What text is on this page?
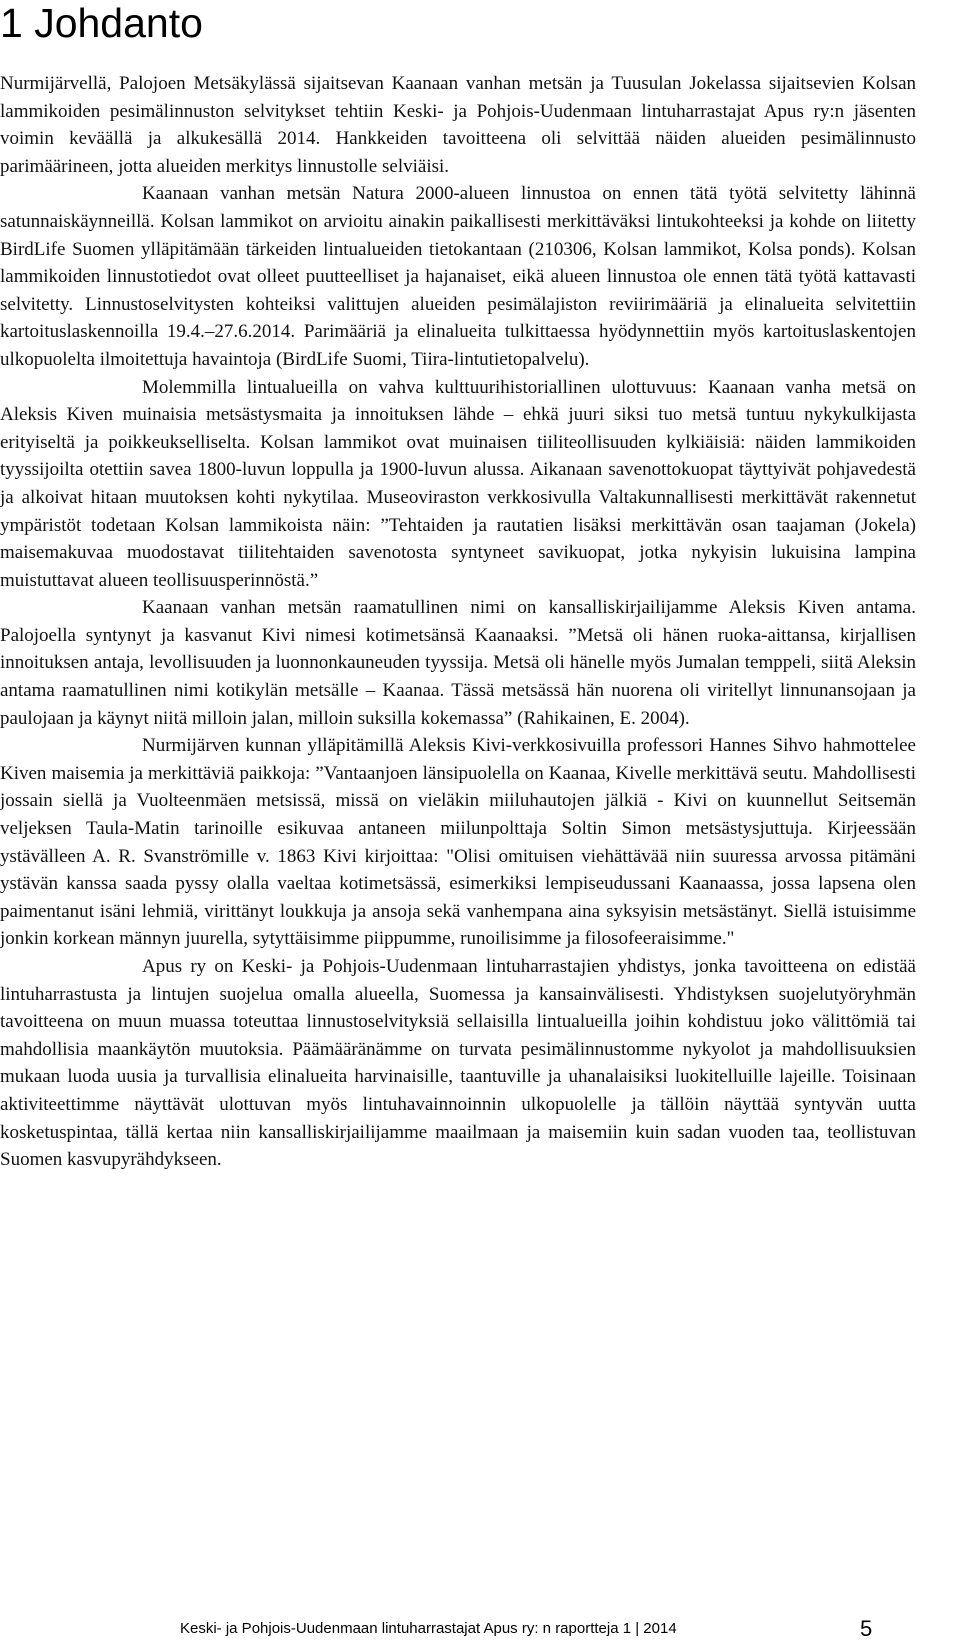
1 Johdanto

Nurmijärvellä, Palojoen Metsäkylässä sijaitsevan Kaanaan vanhan metsän ja Tuusulan Jokelassa sijaitsevien Kolsan lammikoiden pesimälinnuston selvitykset tehtiin Keski- ja Pohjois-Uudenmaan lintuharrastajat Apus ry:n jäsenten voimin keväällä ja alkukesällä 2014. Hankkeiden tavoitteena oli selvittää näiden alueiden pesimälinnusto parimäärineen, jotta alueiden merkitys linnustolle selviäisi.

Kaanaan vanhan metsän Natura 2000-alueen linnustoa on ennen tätä työtä selvitetty lähinnä satunnaiskäynneillä. Kolsan lammikot on arvioitu ainakin paikallisesti merkittäväksi lintukohteeksi ja kohde on liitetty BirdLife Suomen ylläpitämään tärkeiden lintualueiden tietokantaan (210306, Kolsan lammikot, Kolsa ponds). Kolsan lammikoiden linnustotiedot ovat olleet puutteelliset ja hajanaiset, eikä alueen linnustoa ole ennen tätä työtä kattavasti selvitetty. Linnustoselvitysten kohteiksi valittujen alueiden pesimälajiston reviirimääriä ja elinalueita selvitettiin kartoituslaskennoilla 19.4.–27.6.2014. Parimääriä ja elinalueita tulkittaessa hyödynnettiin myös kartoituslaskentojen ulkopuolelta ilmoitettuja havaintoja (BirdLife Suomi, Tiira-lintutietopalvelu).

Molemmilla lintualueilla on vahva kulttuurihistoriallinen ulottuvuus: Kaanaan vanha metsä on Aleksis Kiven muinaisia metsästysmaita ja innoituksen lähde – ehkä juuri siksi tuo metsä tuntuu nykykulkijasta erityiseltä ja poikkeukselliselta. Kolsan lammikot ovat muinaisen tiiliteollisuuden kylkiäisiä: näiden lammikoiden tyyssijoilta otettiin savea 1800-luvun loppulla ja 1900-luvun alussa. Aikanaan savenottokuopat täyttyivät pohjavedestä ja alkoivat hitaan muutoksen kohti nykytilaa. Museoviraston verkkosivulla Valtakunnallisesti merkittävät rakennetut ympäristöt todetaan Kolsan lammikoista näin: ”Tehtaiden ja rautatien lisäksi merkittävän osan taajaman (Jokela) maisemakuvaa muodostavat tiilitehtaiden savenotosta syntyneet savikuopat, jotka nykyisin lukuisina lampina muistuttavat alueen teollisuusperinnöstä.”

Kaanaan vanhan metsän raamatullinen nimi on kansalliskirjailijamme Aleksis Kiven antama. Palojoella syntynyt ja kasvanut Kivi nimesi kotimetsänsä Kaanaaksi. ”Metsä oli hänen ruoka-aittansa, kirjallisen innoituksen antaja, levollisuuden ja luonnonkauneuden tyyssija. Metsä oli hänelle myös Jumalan temppeli, siitä Aleksin antama raamatullinen nimi kotikylän metsälle – Kaanaa. Tässä metsässä hän nuorena oli viritellyt linnunansojaan ja paulojaan ja käynyt niitä milloin jalan, milloin suksilla kokemassa” (Rahikainen, E. 2004).

Nurmijärven kunnan ylläpitämillä Aleksis Kivi-verkkosivuilla professori Hannes Sihvo hahmottelee Kiven maisemia ja merkittäviä paikkoja: ”Vantaanjoen länsipuolella on Kaanaa, Kivelle merkittävä seutu. Mahdollisesti jossain siellä ja Vuolteenmäen metsissä, missä on vieläkin miiluhautojen jälkiä - Kivi on kuunnellut Seitsemän veljeksen Taula-Matin tarinoille esikuvaa antaneen miilunpolttaja Soltin Simon metsästysjuttuja. Kirjeessään ystävälleen A. R. Svanströmille v. 1863 Kivi kirjoittaa: "Olisi omituisen viehättävää niin suuressa arvossa pitämäni ystävän kanssa saada pyssy olalla vaeltaa kotimetsässä, esimerkiksi lempiseudussani Kaanaassa, jossa lapsena olen paimentanut isäni lehmiä, virittänyt loukkuja ja ansoja sekä vanhempana aina syksyisin metsästänyt. Siellä istuisimme jonkin korkean männyn juurella, sytyttäisimme piippumme, runoilisimme ja filosofeeraisimme."

Apus ry on Keski- ja Pohjois-Uudenmaan lintuharrastajien yhdistys, jonka tavoitteena on edistää lintuharrastusta ja lintujen suojelua omalla alueella, Suomessa ja kansainvälisesti. Yhdistyksen suojelutyöryhmän tavoitteena on muun muassa toteuttaa linnustoselvityksiä sellaisilla lintualueilla joihin kohdistuu joko välittömiä tai mahdollisia maankäytön muutoksia. Päämääränämme on turvata pesimälinnustomme nykyolot ja mahdollisuuksien mukaan luoda uusia ja turvallisia elinalueita harvinaisille, taantuville ja uhanalaisiksi luokitelluille lajeille. Toisinaan aktiviteettimme näyttävät ulottuvan myös lintuhavainnoinnin ulkopuolelle ja tällöin näyttää syntyvän uutta kosketuspintaa, tällä kertaa niin kansalliskirjailijamme maailmaan ja maisemiin kuin sadan vuoden taa, teollistuvan Suomen kasvupyrähdykseen.

Keski- ja Pohjois-Uudenmaan lintuharrastajat Apus ry: n raportteja 1 | 2014	5
